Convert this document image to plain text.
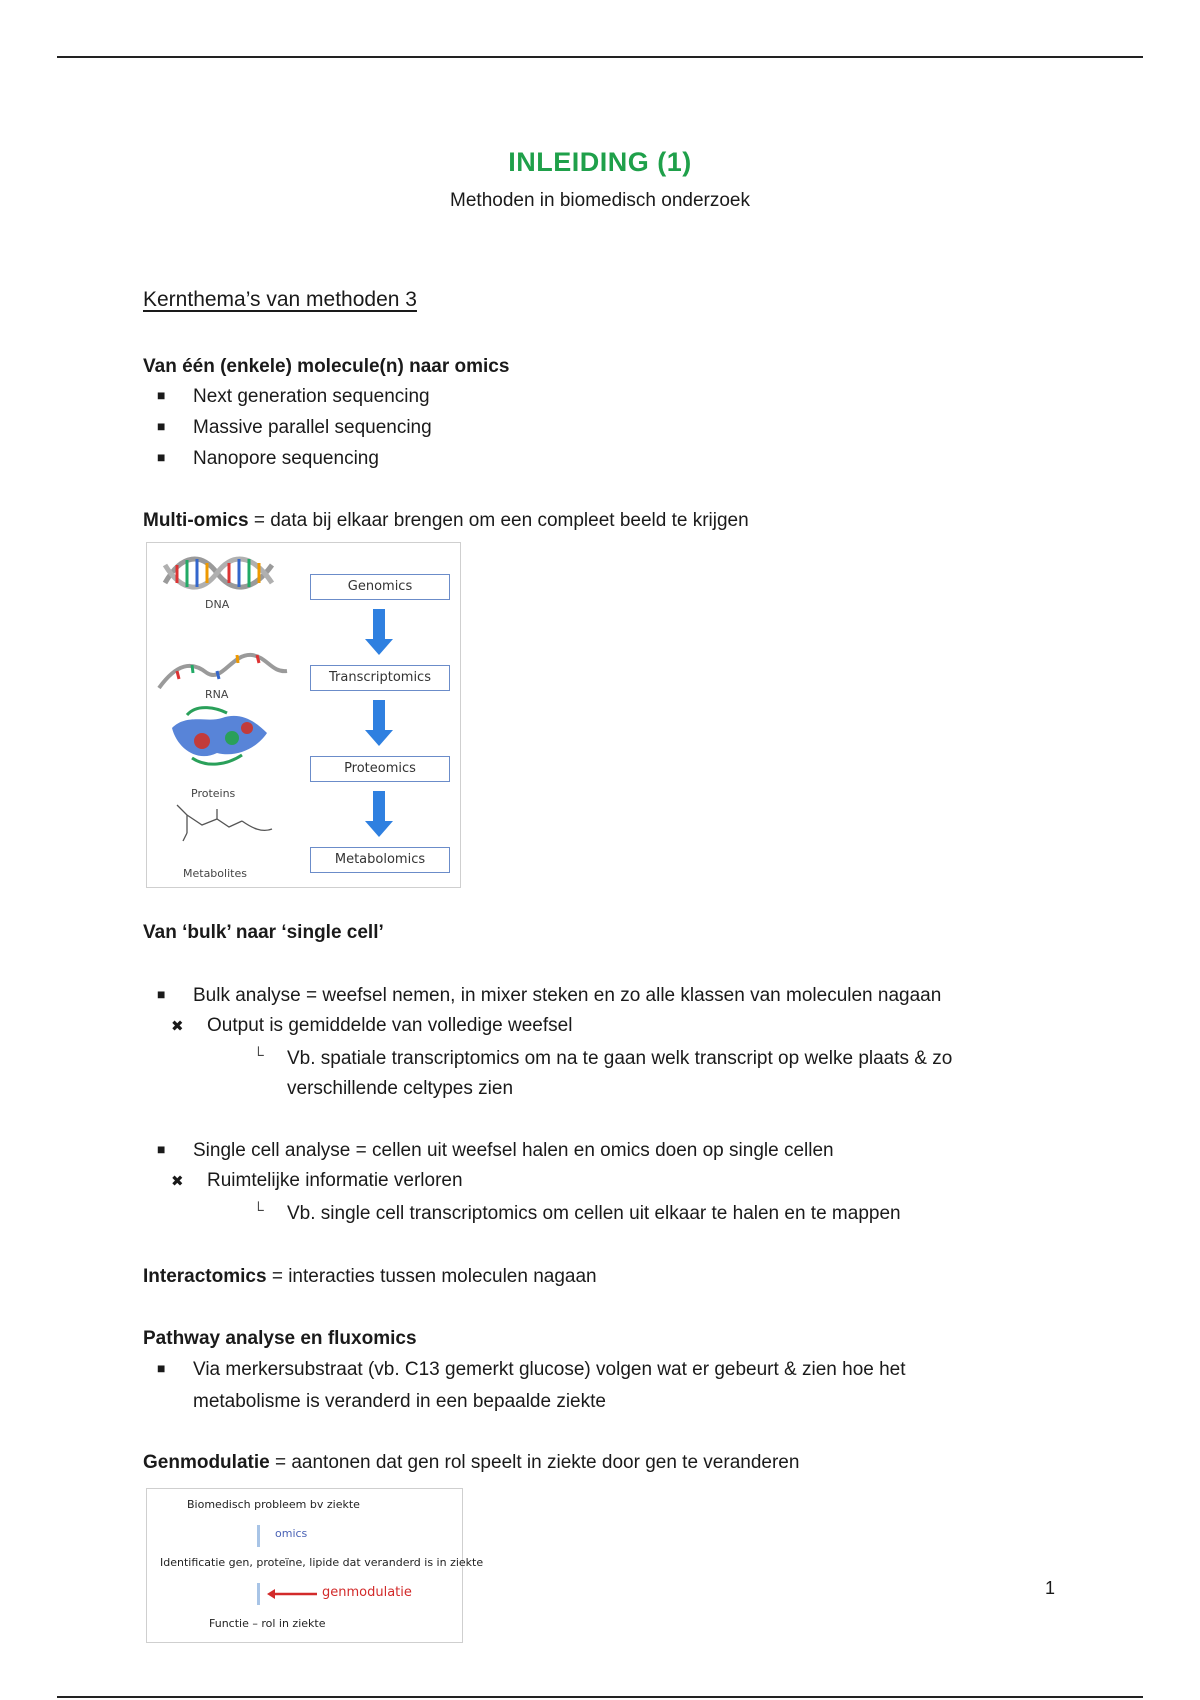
INLEIDING (1)
Methoden in biomedisch onderzoek
Kernthema’s van methoden 3
Van één (enkele) molecule(n) naar omics
■ Next generation sequencing
■ Massive parallel sequencing
■ Nanopore sequencing
Multi-omics = data bij elkaar brengen om een compleet beeld te krijgen
Van ‘bulk’ naar ‘single cell’
■ Bulk analyse = weefsel nemen, in mixer steken en zo alle klassen van moleculen nagaan
✖ Output is gemiddelde van volledige weefsel
└ Vb. spatiale transcriptomics om na te gaan welk transcript op welke plaats & zo
verschillende celtypes zien
■ Single cell analyse = cellen uit weefsel halen en omics doen op single cellen
✖ Ruimtelijke informatie verloren
└ Vb. single cell transcriptomics om cellen uit elkaar te halen en te mappen
Interactomics = interacties tussen moleculen nagaan
Pathway analyse en fluxomics
■ Via merkersubstraat (vb. C13 gemerkt glucose) volgen wat er gebeurt & zien hoe het
metabolisme is veranderd in een bepaalde ziekte
Genmodulatie = aantonen dat gen rol speelt in ziekte door gen te veranderen
DNA
RNA
Proteins
Metabolites
Genomics
Transcriptomics
Proteomics
Metabolomics
Biomedisch probleem bv ziekte
omics
Identificatie gen, proteïne, lipide dat veranderd is in ziekte
genmodulatie
Functie – rol in ziekte
1
